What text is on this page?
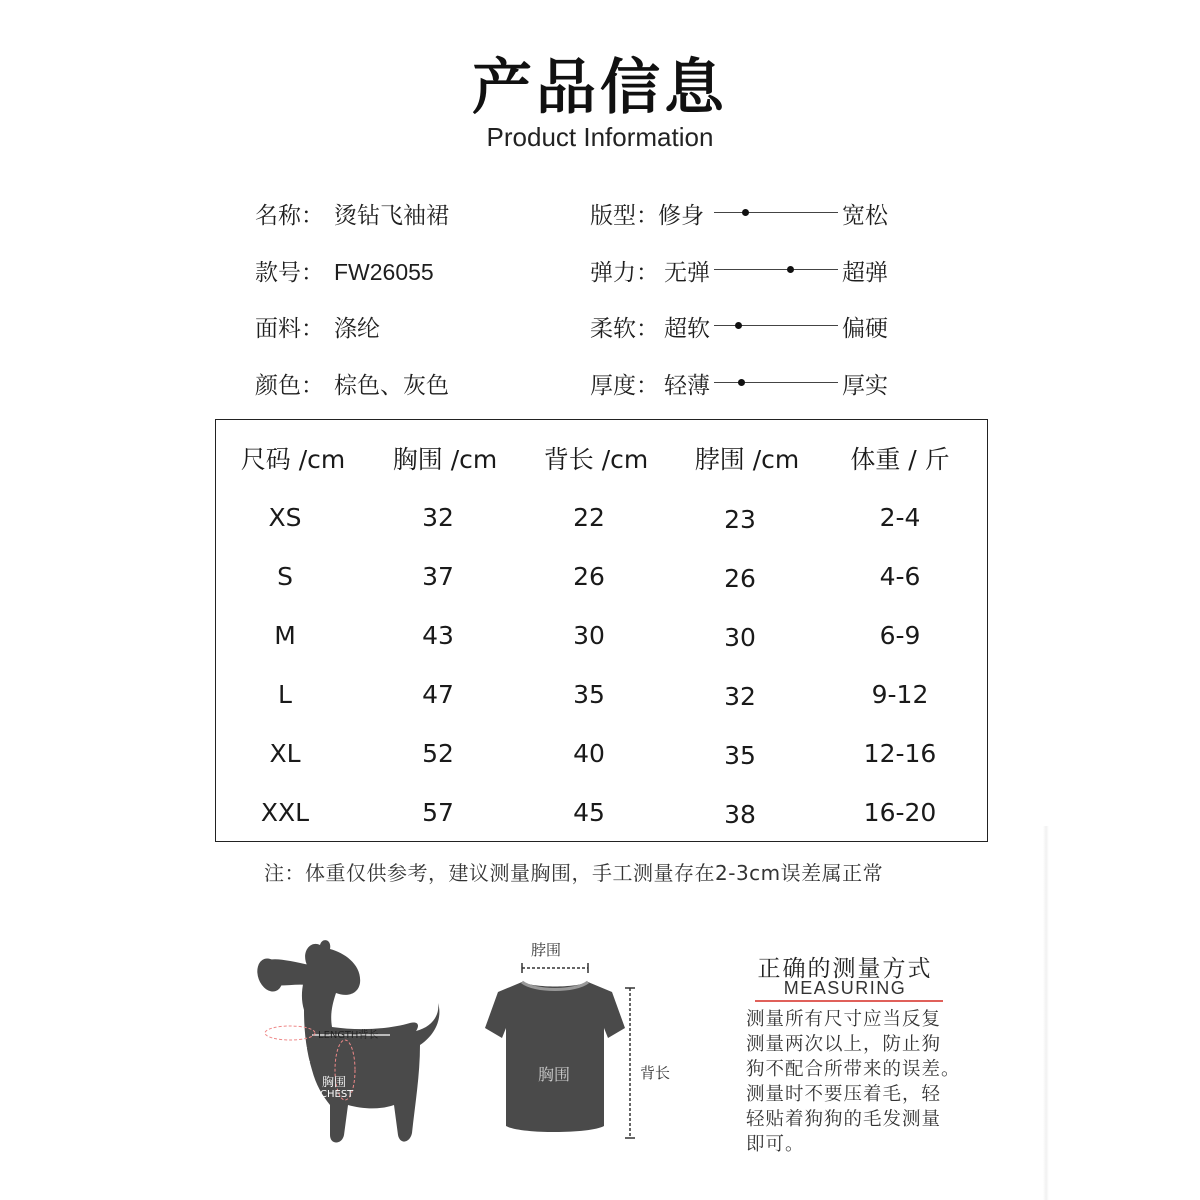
产品信息
Product Information
名称： 烫钻飞袖裙
款号： FW26055
面料： 涤纶
颜色： 棕色、灰色
版型： 修身	宽松
弹力： 无弹	超弹
柔软： 超软	偏硬
厚度： 轻薄	厚实
尺码 /cm	胸围 /cm	背长 /cm	脖围 /cm	体重 / 斤
XS	32	22	23	2-4
S	37	26	26	4-6
M	43	30	30	6-9
L	47	35	32	9-12
XL	52	40	35	12-16
XXL	57	45	38	16-20
注：体重仅供参考，建议测量胸围，手工测量存在2-3cm误差属正常
LENGTH背长
脖围
NECK
胸围
CHEST
脖围
胸围	背长
正确的测量方式
MEASURING
测量所有尺寸应当反复
测量两次以上，防止狗
狗不配合所带来的误差。
测量时不要压着毛，轻
轻贴着狗狗的毛发测量
即可。
